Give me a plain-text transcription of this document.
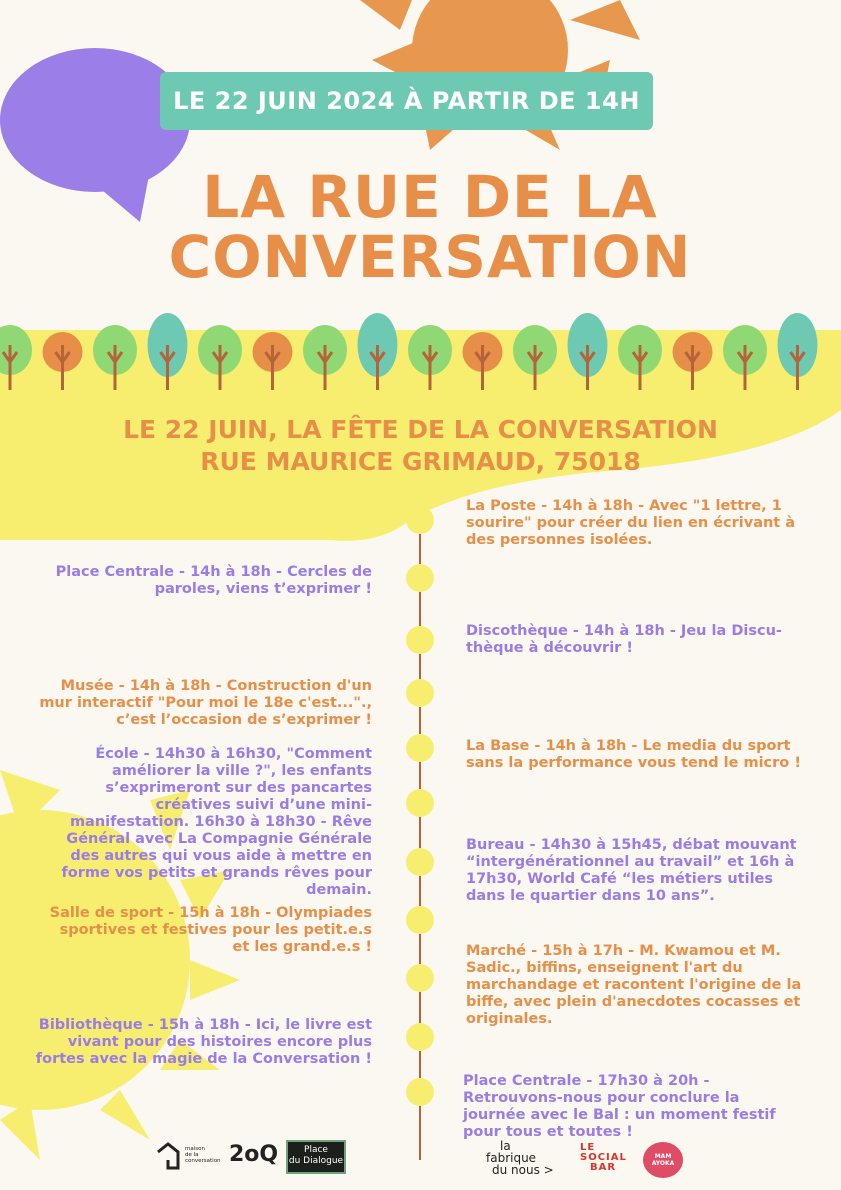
LE 22 JUIN 2024 À PARTIR DE 14H
LA RUE DE LA
CONVERSATION
LE 22 JUIN, LA FÊTE DE LA CONVERSATION
RUE MAURICE GRIMAUD, 75018
Place Centrale - 14h à 18h - Cercles de paroles, viens t’exprimer !
Musée - 14h à 18h - Construction d'un mur interactif "Pour moi le 18e c'est..."., c’est l’occasion de s’exprimer !
École - 14h30 à 16h30, "Comment améliorer la ville ?", les enfants s’exprimeront sur des pancartes créatives suivi d’une mini-manifestation. 16h30 à 18h30 - Rêve Général avec La Compagnie Générale des autres qui vous aide à mettre en forme vos petits et grands rêves pour demain.
Salle de sport - 15h à 18h - Olympiades sportives et festives pour les petit.e.s et les grand.e.s !
Bibliothèque - 15h à 18h - Ici, le livre est vivant pour des histoires encore plus fortes avec la magie de la Conversation !
La Poste - 14h à 18h - Avec "1 lettre, 1 sourire" pour créer du lien en écrivant à des personnes isolées.
Discothèque - 14h à 18h - Jeu la Discu-thèque à découvrir !
La Base - 14h à 18h - Le media du sport sans la performance vous tend le micro !
Bureau - 14h30 à 15h45, débat mouvant “intergénérationnel au travail” et 16h à 17h30, World Café “les métiers utiles dans le quartier dans 10 ans”.
Marché - 15h à 17h - M. Kwamou et M. Sadic., biffins, enseignent l'art du marchandage et racontent l'origine de la biffe, avec plein d'anecdotes cocasses et originales.
Place Centrale - 17h30 à 20h - Retrouvons-nous pour conclure la journée avec le Bal : un moment festif pour tous et toutes !
maison
de la
conversation 2oQ	Place
du Dialogue
la
fabrique
du nous >
LE
SOCIAL
BAR
MAM AYOKA
